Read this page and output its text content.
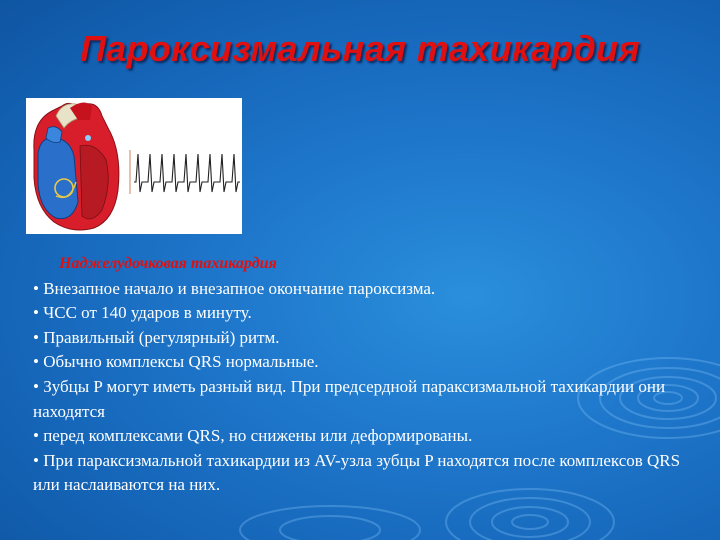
Пароксизмальная тахикардия
Наджелудочковая тахикардия
• Внезапное начало и внезапное окончание пароксизма.
• ЧСС от 140 ударов в минуту.
• Правильный (регулярный) ритм.
• Обычно комплексы QRS нормальные.
• Зубцы P могут иметь разный вид. При предсердной параксизмальной тахикардии они находятся
• перед комплексами QRS, но снижены или деформированы.
• При параксизмальной тахикардии из AV-узла зубцы P находятся после комплексов QRS или наслаиваются на них.
